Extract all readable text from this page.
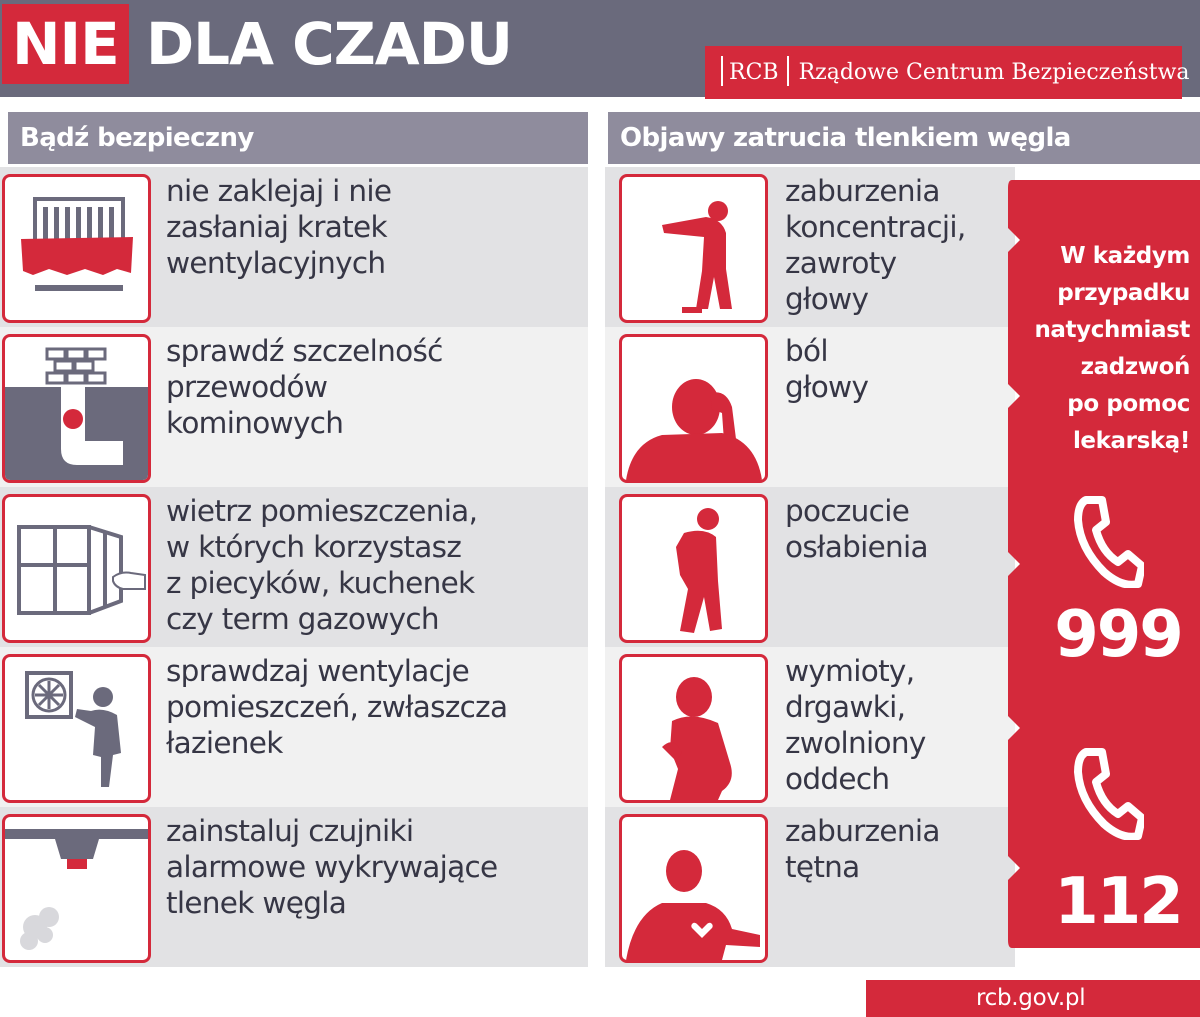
NIE DLA CZADU	RCB Rządowe Centrum Bezpieczeństwa
Bądź bezpieczny	Objawy zatrucia tlenkiem węgla
nie zaklejaj i nie
zasłaniaj kratek
wentylacyjnych
sprawdź szczelność
przewodów
kominowych
wietrz pomieszczenia,
w których korzystasz
z piecyków, kuchenek
czy term gazowych
sprawdzaj wentylacje
pomieszczeń, zwłaszcza
łazienek
zainstaluj czujniki
alarmowe wykrywające
tlenek węgla
zaburzenia
koncentracji,
zawroty
głowy
ból
głowy
poczucie
osłabienia
wymioty,
drgawki,
zwolniony
oddech
zaburzenia
tętna
W każdym
przypadku
natychmiast
zadzwoń
po pomoc
lekarską!
999
112
rcb.gov.pl
